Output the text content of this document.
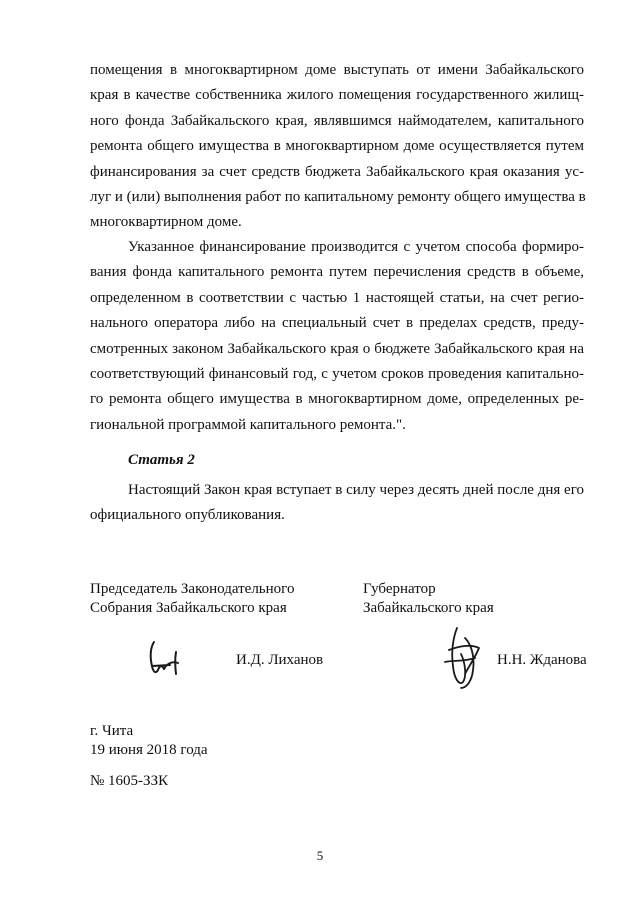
помещения в многоквартирном доме выступать от имени Забайкальского
края в качестве собственника жилого помещения государственного жилищ-
ного фонда Забайкальского края, являвшимся наймодателем, капитального
ремонта общего имущества в многоквартирном доме осуществляется путем
финансирования за счет средств бюджета Забайкальского края оказания ус-
луг и (или) выполнения работ по капитальному ремонту общего имущества в
многоквартирном доме.
Указанное финансирование производится с учетом способа формиро-
вания фонда капитального ремонта путем перечисления средств в объеме,
определенном в соответствии с частью 1 настоящей статьи, на счет регио-
нального оператора либо на специальный счет в пределах средств, преду-
смотренных законом Забайкальского края о бюджете Забайкальского края на
соответствующий финансовый год, с учетом сроков проведения капитально-
го ремонта общего имущества в многоквартирном доме, определенных ре-
гиональной программой капитального ремонта.".
Статья 2
Настоящий Закон края вступает в силу через десять дней после дня его
официального опубликования.
Председатель Законодательного
Собрания Забайкальского края
И.Д. Лиханов
Губернатор
Забайкальского края
Н.Н. Жданова
г. Чита
19 июня 2018 года
№ 1605-ЗЗК
5
